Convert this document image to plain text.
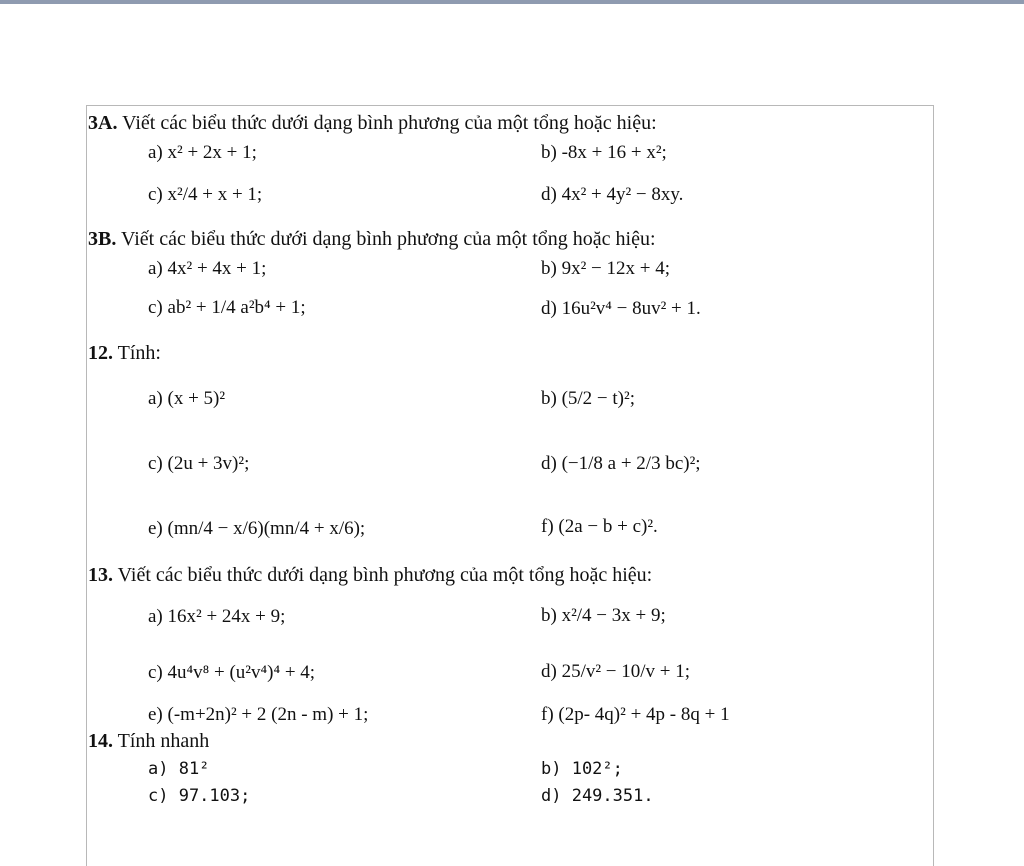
3A. Viết các biểu thức dưới dạng bình phương của một tổng hoặc hiệu:
a) x² + 2x + 1;	b) -8x + 16 + x²;
c) x²/4 + x + 1;	d) 4x² + 4y² − 8xy.
3B. Viết các biểu thức dưới dạng bình phương của một tổng hoặc hiệu:
a) 4x² + 4x + 1;	b) 9x² − 12x + 4;
c) ab² + 1/4 a²b⁴ + 1;	d) 16u²v⁴ − 8uv² + 1.
12. Tính:
a) (x + 5)²	b) (5/2 − t)²;
c) (2u + 3v)²;	d) (−1/8 a + 2/3 bc)²;
e) (mn/4 − x/6)(mn/4 + x/6);	f) (2a − b + c)².
13. Viết các biểu thức dưới dạng bình phương của một tổng hoặc hiệu:
a) 16x² + 24x + 9;	b) x²/4 − 3x + 9;
c) 4u⁴v⁸ + (u²v⁴)⁴ + 4;	d) 25/v² − 10/v + 1;
e) (-m+2n)² + 2 (2n - m) + 1;	f) (2p- 4q)² + 4p - 8q + 1
14. Tính nhanh
a) 81²	b) 102²;
c) 97.103;	d) 249.351.
